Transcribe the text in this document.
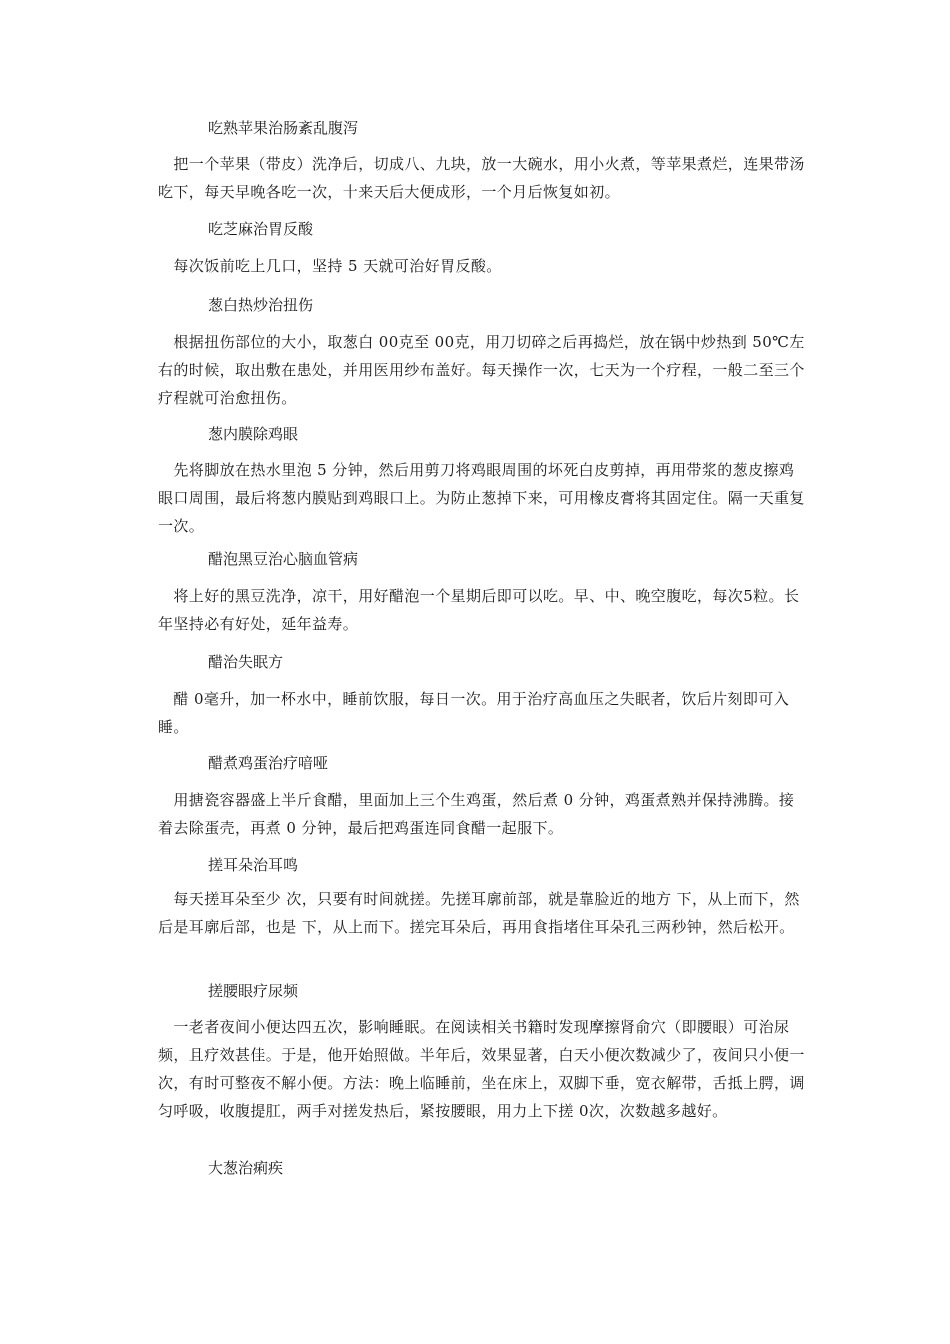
吃熟苹果治肠紊乱腹泻
　把一个苹果（带皮）洗净后，切成八、九块，放一大碗水，用小火煮，等苹果煮烂，连果带汤吃下，每天早晚各吃一次，十来天后大便成形，一个月后恢复如初。
吃芝麻治胃反酸
　每次饭前吃上几口，坚持 5 天就可治好胃反酸。
葱白热炒治扭伤
　根据扭伤部位的大小，取葱白 00克至 00克，用刀切碎之后再捣烂，放在锅中炒热到 50℃左右的时候，取出敷在患处，并用医用纱布盖好。每天操作一次，七天为一个疗程，一般二至三个疗程就可治愈扭伤。
葱内膜除鸡眼
　先将脚放在热水里泡 5 分钟，然后用剪刀将鸡眼周围的坏死白皮剪掉，再用带浆的葱皮擦鸡眼口周围，最后将葱内膜贴到鸡眼口上。为防止葱掉下来，可用橡皮膏将其固定住。隔一天重复一次。
醋泡黑豆治心脑血管病
　将上好的黑豆洗净，凉干，用好醋泡一个星期后即可以吃。早、中、晚空腹吃，每次5粒。长年坚持必有好处，延年益寿。
醋治失眠方
　醋 0毫升，加一杯水中，睡前饮服，每日一次。用于治疗高血压之失眠者，饮后片刻即可入睡。
醋煮鸡蛋治疗喑哑
　用搪瓷容器盛上半斤食醋，里面加上三个生鸡蛋，然后煮 0 分钟，鸡蛋煮熟并保持沸腾。接着去除蛋壳，再煮 0 分钟，最后把鸡蛋连同食醋一起服下。
搓耳朵治耳鸣
　每天搓耳朵至少 次，只要有时间就搓。先搓耳廓前部，就是靠脸近的地方 下，从上而下，然后是耳廓后部，也是 下，从上而下。搓完耳朵后，再用食指堵住耳朵孔三两秒钟，然后松开。
搓腰眼疗尿频
　一老者夜间小便达四五次，影响睡眠。在阅读相关书籍时发现摩擦肾俞穴（即腰眼）可治尿频，且疗效甚佳。于是，他开始照做。半年后，效果显著，白天小便次数减少了，夜间只小便一次，有时可整夜不解小便。方法：晚上临睡前，坐在床上，双脚下垂，宽衣解带，舌抵上腭，调匀呼吸，收腹提肛，两手对搓发热后，紧按腰眼，用力上下搓 0次，次数越多越好。
大葱治痢疾
